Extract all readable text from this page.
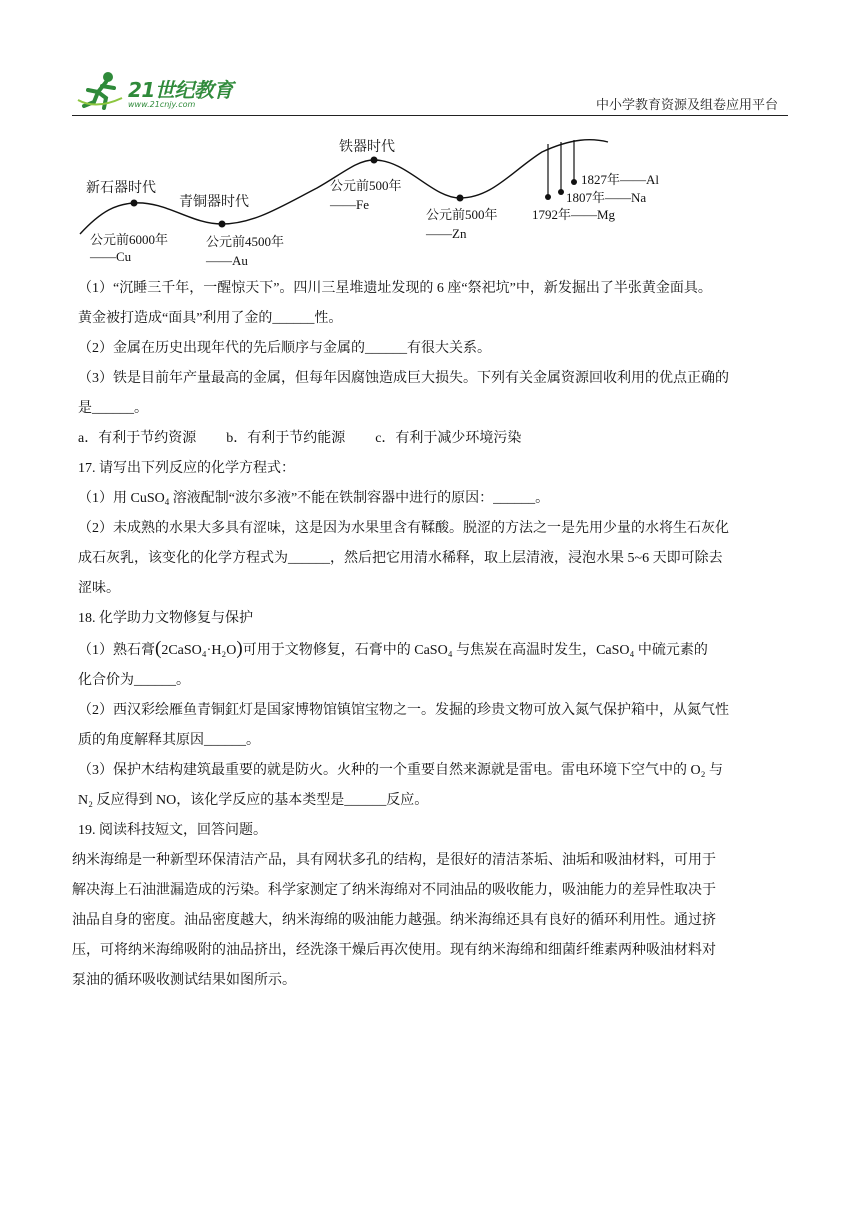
21世纪教育
www.21cnjy.com	中小学教育资源及组卷应用平台
新石器时代
青铜器时代
铁器时代
公元前6000年
——Cu
公元前4500年
——Au
公元前500年
——Fe
公元前500年
——Zn
1827年——Al
1807年——Na
1792年——Mg

（1）“沉睡三千年，一醒惊天下”。四川三星堆遗址发现的 6 座“祭祀坑”中，新发掘出了半张黄金面具。

黄金被打造成“面具”利用了金的______性。

（2）金属在历史出现年代的先后顺序与金属的______有很大关系。

（3）铁是目前年产量最高的金属，但每年因腐蚀造成巨大损失。下列有关金属资源回收利用的优点正确的

是______。

a．有利于节约资源 b．有利于节约能源 c．有利于减少环境污染

17. 请写出下列反应的化学方程式：

（1）用 CuSO$_4$ 溶液配制“波尔多液”不能在铁制容器中进行的原因：______。

（2）未成熟的水果大多具有涩味，这是因为水果里含有鞣酸。脱涩的方法之一是先用少量的水将生石灰化

成石灰乳，该变化的化学方程式为______，然后把它用清水稀释，取上层清液，浸泡水果 5~6 天即可除去

涩味。

18. 化学助力文物修复与保护

（1）熟石膏(2CaSO₄·H₂O)可用于文物修复，石膏中的 CaSO₄ 与焦炭在高温时发生，CaSO₄ 中硫元素的

化合价为______。

（2）西汉彩绘雁鱼青铜釭灯是国家博物馆镇馆宝物之一。发掘的珍贵文物可放入氮气保护箱中，从氮气性

质的角度解释其原因______。

（3）保护木结构建筑最重要的就是防火。火种的一个重要自然来源就是雷电。雷电环境下空气中的 O₂ 与

N₂ 反应得到 NO，该化学反应的基本类型是______反应。

19. 阅读科技短文，回答问题。

纳米海绵是一种新型环保清洁产品，具有网状多孔的结构，是很好的清洁茶垢、油垢和吸油材料，可用于

解决海上石油泄漏造成的污染。科学家测定了纳米海绵对不同油品的吸收能力，吸油能力的差异性取决于

油品自身的密度。油品密度越大，纳米海绵的吸油能力越强。纳米海绵还具有良好的循环利用性。通过挤

压，可将纳米海绵吸附的油品挤出，经洗涤干燥后再次使用。现有纳米海绵和细菌纤维素两种吸油材料对

泵油的循环吸收测试结果如图所示。
